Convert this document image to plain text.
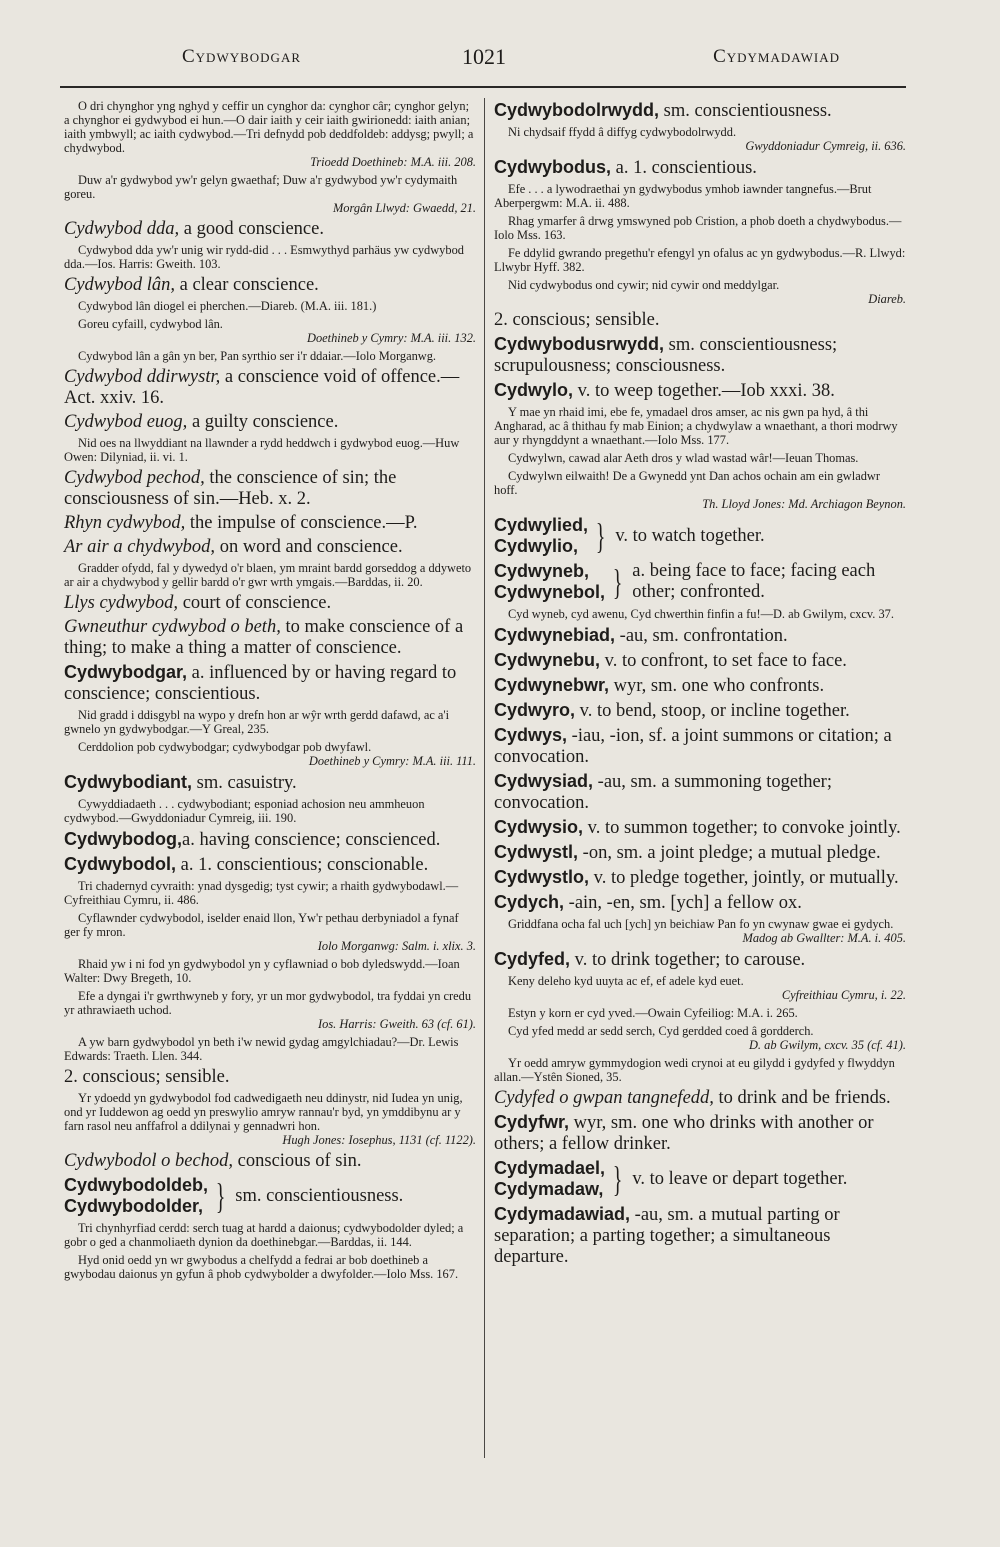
Cydwybodgar	1021	Cydymadawiad
O dri chynghor yng nghyd y ceffir un cynghor da: cynghor câr; cynghor gelyn; a chynghor ei gydwybod ei hun.—O dair iaith y ceir iaith gwirionedd: iaith anian; iaith ymbwyll; ac iaith cydwybod.—Tri defnydd pob deddfoldeb: addysg; pwyll; a chydwybod.
Trioedd Doethineb: M.A. iii. 208.
Duw a'r gydwybod yw'r gelyn gwaethaf; Duw a'r gydwybod yw'r cydymaith goreu.
Morgân Llwyd: Gwaedd, 21.
Cydwybod dda, a good conscience.
Cydwybod dda yw'r unig wir rydd-did . . . Esmwythyd parhäus yw cydwybod dda.—Ios. Harris: Gweith. 103.
Cydwybod lân, a clear conscience.
Cydwybod lân diogel ei pherchen.—Diareb. (M.A. iii. 181.)
Goreu cyfaill, cydwybod lân.
Doethineb y Cymry: M.A. iii. 132.
Cydwybod lân a gân yn ber, Pan syrthio ser i'r ddaiar.—Iolo Morganwg.
Cydwybod ddirwystr, a conscience void of offence.—Act. xxiv. 16.
Cydwybod euog, a guilty conscience.
Nid oes na llwyddiant na llawnder a rydd heddwch i gydwybod euog.—Huw Owen: Dilyniad, ii. vi. 1.
Cydwybod pechod, the conscience of sin; the consciousness of sin.—Heb. x. 2.
Rhyn cydwybod, the impulse of conscience.—P.
Ar air a chydwybod, on word and conscience.
Gradder ofydd, fal y dywedyd o'r blaen, ym mraint bardd gorseddog a ddyweto ar air a chydwybod y gellir bardd o'r gwr wrth ymgais.—Barddas, ii. 20.
Llys cydwybod, court of conscience.
Gwneuthur cydwybod o beth, to make conscience of a thing; to make a thing a matter of conscience.
Cydwybodgar, a. influenced by or having regard to conscience; conscientious.
Nid gradd i ddisgybl na wypo y drefn hon ar wŷr wrth gerdd dafawd, ac a'i gwnelo yn gydwybodgar.—Y Greal, 235.
Cerddolion pob cydwybodgar; cydwybodgar pob dwyfawl.
Doethineb y Cymry: M.A. iii. 111.
Cydwybodiant, sm. casuistry.
Cywyddiadaeth . . . cydwybodiant; esponiad achosion neu ammheuon cydwybod.—Gwyddoniadur Cymreig, iii. 190.
Cydwybodog,a. having conscience; conscienced.
Cydwybodol, a. 1. conscientious; conscionable.
Tri chadernyd cyvraith: ynad dysgedig; tyst cywir; a rhaith gydwybodawl.—Cyfreithiau Cymru, ii. 486.
Cyflawnder cydwybodol, iselder enaid llon, Yw'r pethau derbyniadol a fynaf ger fy mron.
Iolo Morganwg: Salm. i. xlix. 3.
Rhaid yw i ni fod yn gydwybodol yn y cyflawniad o bob dyledswydd.—Ioan Walter: Dwy Bregeth, 10.
Efe a dyngai i'r gwrthwyneb y fory, yr un mor gydwybodol, tra fyddai yn credu yr athrawiaeth uchod.
Ios. Harris: Gweith. 63 (cf. 61).
A yw barn gydwybodol yn beth i'w newid gydag amgylchiadau?—Dr. Lewis Edwards: Traeth. Llen. 344.
2. conscious; sensible.
Yr ydoedd yn gydwybodol fod cadwedigaeth neu ddinystr, nid Iudea yn unig, ond yr Iuddewon ag oedd yn preswylio amryw rannau'r byd, yn ymddibynu ar y farn rasol neu anffafrol a ddilynai y gennadwri hon.
Hugh Jones: Iosephus, 1131 (cf. 1122).
Cydwybodol o bechod, conscious of sin.
Cydwybodoldeb,
Cydwybodolder, } sm. conscientiousness.
Tri chynhyrfiad cerdd: serch tuag at hardd a daionus; cydwybodolder dyled; a gobr o ged a chanmoliaeth dynion da doethinebgar.—Barddas, ii. 144.
Hyd onid oedd yn wr gwybodus a chelfydd a fedrai ar bob doethineb a gwybodau daionus yn gyfun â phob cydwybolder a dwyfolder.—Iolo Mss. 167.
Cydwybodolrwydd, sm. conscientiousness.
Ni chydsaif ffydd â diffyg cydwybodolrwydd.
Gwyddoniadur Cymreig, ii. 636.
Cydwybodus, a. 1. conscientious.
Efe . . . a lywodraethai yn gydwybodus ymhob iawnder tangnefus.—Brut Aberpergwm: M.A. ii. 488.
Rhag ymarfer â drwg ymswyned pob Cristion, a phob doeth a chydwybodus.—Iolo Mss. 163.
Fe ddylid gwrando pregethu'r efengyl yn ofalus ac yn gydwybodus.—R. Llwyd: Llwybr Hyff. 382.
Nid cydwybodus ond cywir; nid cywir ond meddylgar.
Diareb.
2. conscious; sensible.
Cydwybodusrwydd, sm. conscientiousness; scrupulousness; consciousness.
Cydwylo, v. to weep together.—Iob xxxi. 38.
Y mae yn rhaid imi, ebe fe, ymadael dros amser, ac nis gwn pa hyd, â thi Angharad, ac â thithau fy mab Einion; a chydwylaw a wnaethant, a thori modrwy aur y rhyngddynt a wnaethant.—Iolo Mss. 177.
Cydwylwn, cawad alar Aeth dros y wlad wastad wâr!—Ieuan Thomas.
Cydwylwn eilwaith! De a Gwynedd ynt Dan achos ochain am ein gwladwr hoff.
Th. Lloyd Jones: Md. Archiagon Beynon.
Cydwylied,
Cydwylio, } v. to watch together.
Cydwyneb,
Cydwynebol, } a. being face to face; facing each other; confronted.
Cyd wyneb, cyd awenu, Cyd chwerthin finfin a fu!—D. ab Gwilym, cxcv. 37.
Cydwynebiad, -au, sm. confrontation.
Cydwynebu, v. to confront, to set face to face.
Cydwynebwr, wyr, sm. one who confronts.
Cydwyro, v. to bend, stoop, or incline together.
Cydwys, -iau, -ion, sf. a joint summons or citation; a convocation.
Cydwysiad, -au, sm. a summoning together; convocation.
Cydwysio, v. to summon together; to convoke jointly.
Cydwystl, -on, sm. a joint pledge; a mutual pledge.
Cydwystlo, v. to pledge together, jointly, or mutually.
Cydych, -ain, -en, sm. [ych] a fellow ox.
Griddfana ocha fal uch [ych] yn beichiaw Pan fo yn cwynaw gwae ei gydych.
Madog ab Gwallter: M.A. i. 405.
Cydyfed, v. to drink together; to carouse.
Keny deleho kyd uuyta ac ef, ef adele kyd euet.
Cyfreithiau Cymru, i. 22.
Estyn y korn er cyd yved.—Owain Cyfeiliog: M.A. i. 265.
Cyd yfed medd ar sedd serch, Cyd gerdded coed â gordderch.
D. ab Gwilym, cxcv. 35 (cf. 41).
Yr oedd amryw gymmydogion wedi crynoi at eu gilydd i gydyfed y flwyddyn allan.—Ystên Sioned, 35.
Cydyfed o gwpan tangnefedd, to drink and be friends.
Cydyfwr, wyr, sm. one who drinks with another or others; a fellow drinker.
Cydymadael,
Cydymadaw, } v. to leave or depart together.
Cydymadawiad, -au, sm. a mutual parting or separation; a parting together; a simultaneous departure.
